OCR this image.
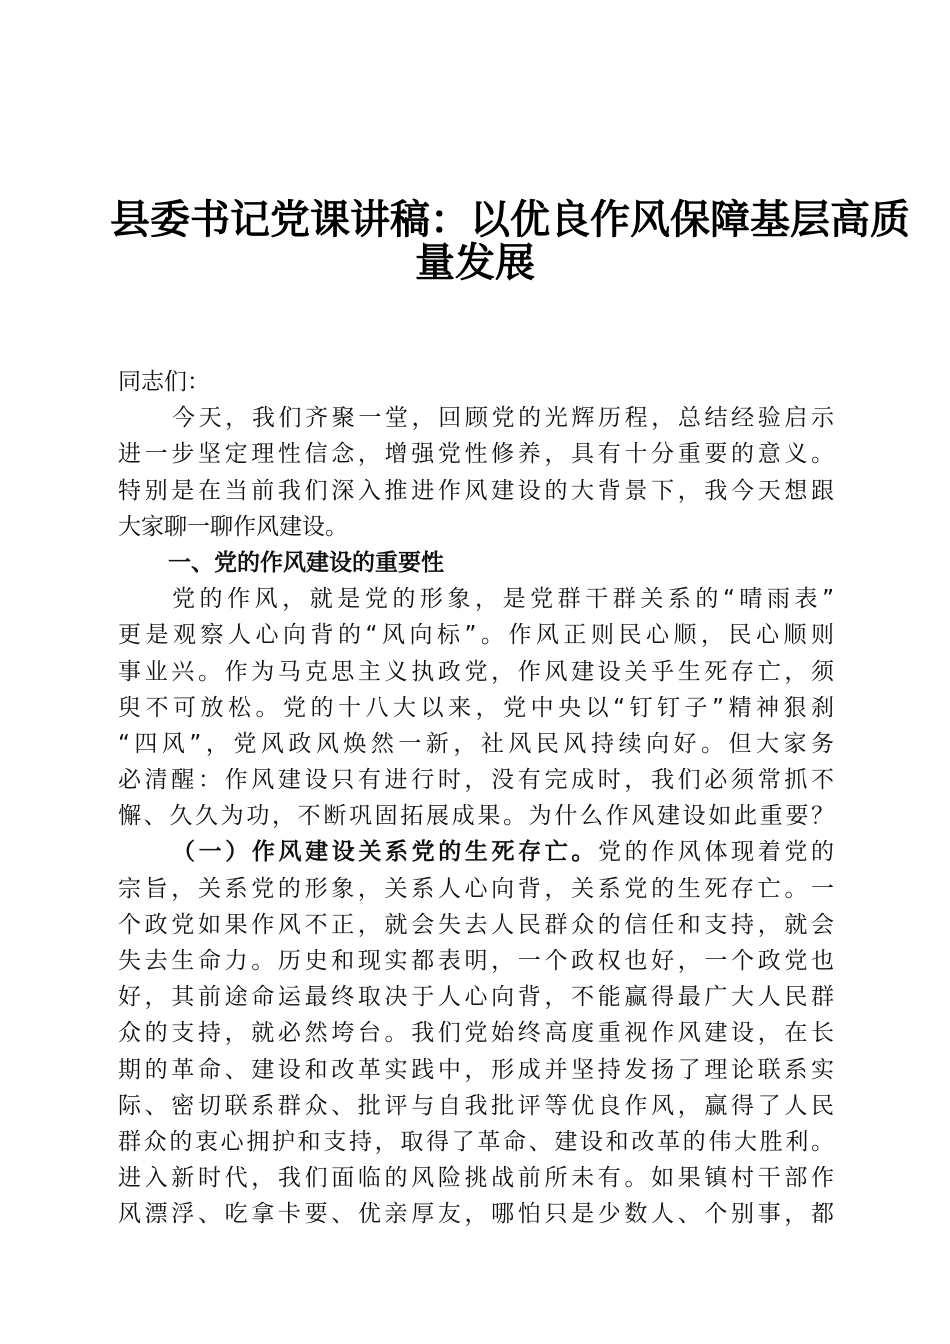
县委书记党课讲稿：以优良作风保障基层高质
量发展
同志们：
今天，我们齐聚一堂，回顾党的光辉历程，总结经验启示
进一步坚定理性信念，增强党性修养，具有十分重要的意义。
特别是在当前我们深入推进作风建设的大背景下，我今天想跟
大家聊一聊作风建设。
一、党的作风建设的重要性
党的作风，就是党的形象，是党群干群关系的“晴雨表”
更是观察人心向背的“风向标”。作风正则民心顺，民心顺则
事业兴。作为马克思主义执政党，作风建设关乎生死存亡，须
臾不可放松。党的十八大以来，党中央以“钉钉子”精神狠刹
“四风”，党风政风焕然一新，社风民风持续向好。但大家务
必清醒：作风建设只有进行时，没有完成时，我们必须常抓不
懈、久久为功，不断巩固拓展成果。为什么作风建设如此重要？
（一）作风建设关系党的生死存亡。党的作风体现着党的
宗旨，关系党的形象，关系人心向背，关系党的生死存亡。一
个政党如果作风不正，就会失去人民群众的信任和支持，就会
失去生命力。历史和现实都表明，一个政权也好，一个政党也
好，其前途命运最终取决于人心向背，不能赢得最广大人民群
众的支持，就必然垮台。我们党始终高度重视作风建设，在长
期的革命、建设和改革实践中，形成并坚持发扬了理论联系实
际、密切联系群众、批评与自我批评等优良作风，赢得了人民
群众的衷心拥护和支持，取得了革命、建设和改革的伟大胜利。
进入新时代，我们面临的风险挑战前所未有。如果镇村干部作
风漂浮、吃拿卡要、优亲厚友，哪怕只是少数人、个别事，都
